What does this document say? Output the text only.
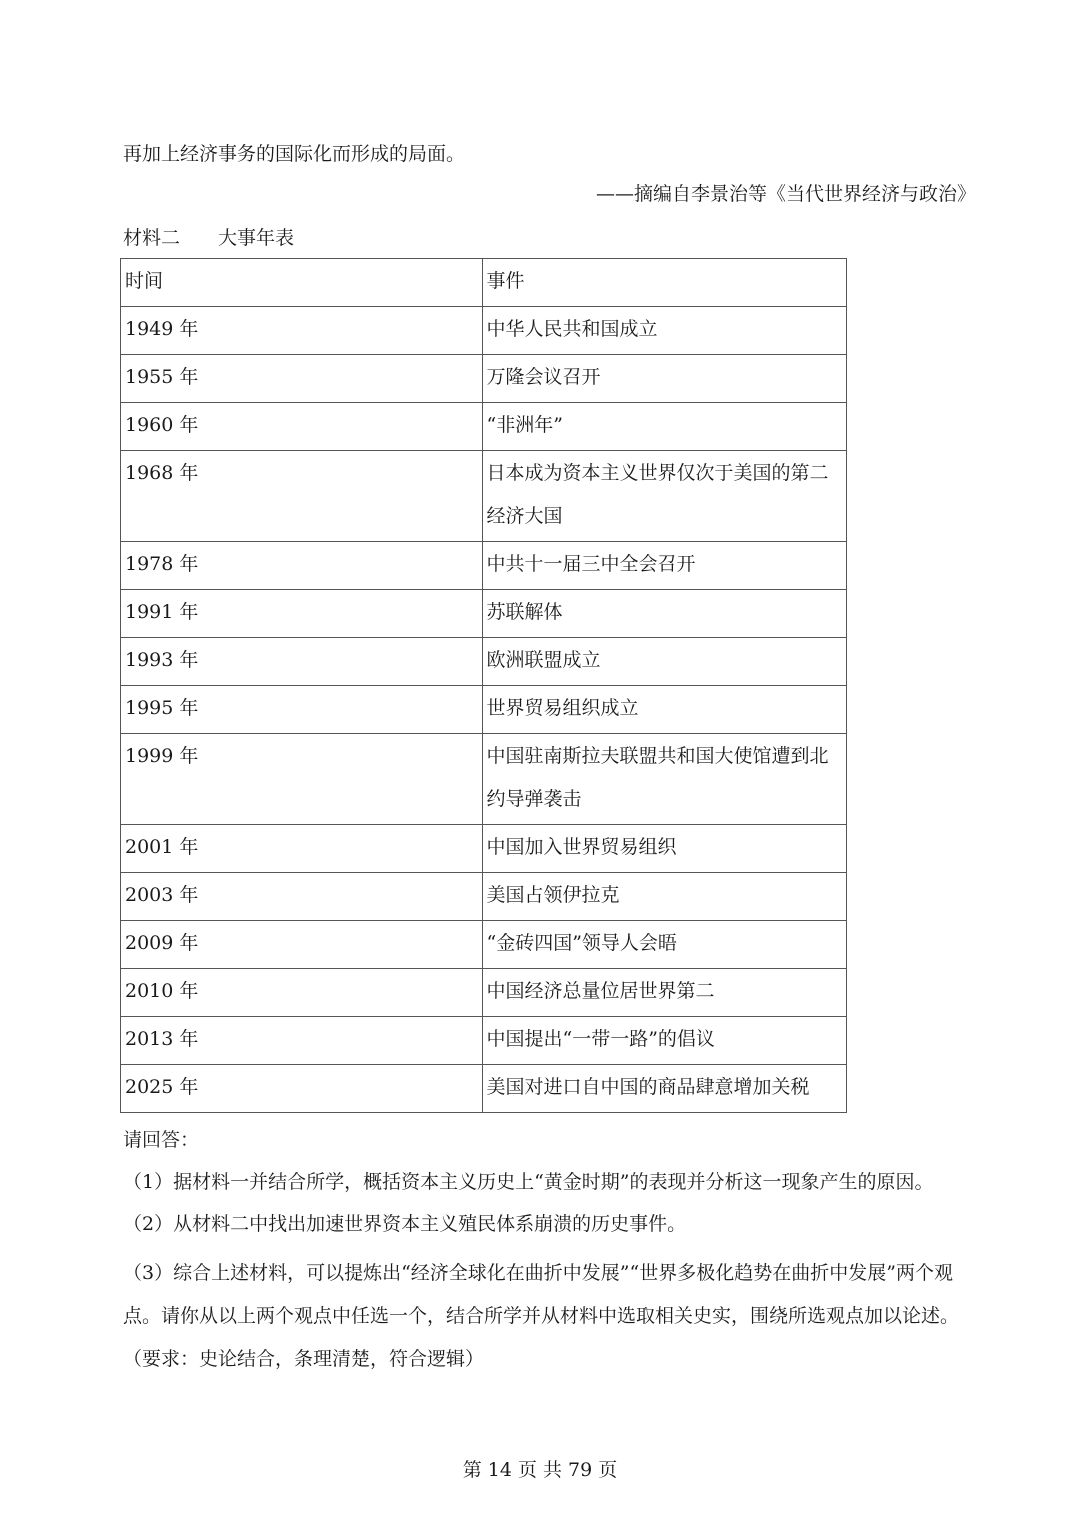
再加上经济事务的国际化而形成的局面。
——摘编自李景治等《当代世界经济与政治》
材料二 大事年表
时间	事件

1949 年	中华人民共和国成立

1955 年	万隆会议召开

1960 年	“非洲年”

1968 年	日本成为资本主义世界仅次于美国的第二经济大国

1978 年	中共十一届三中全会召开

1991 年	苏联解体

1993 年	欧洲联盟成立

1995 年	世界贸易组织成立

1999 年	中国驻南斯拉夫联盟共和国大使馆遭到北约导弹袭击

2001 年	中国加入世界贸易组织

2003 年	美国占领伊拉克

2009 年	“金砖四国”领导人会晤

2010 年	中国经济总量位居世界第二

2013 年	中国提出“一带一路”的倡议

2025 年	美国对进口自中国的商品肆意增加关税
请回答：
（1）据材料一并结合所学，概括资本主义历史上“黄金时期”的表现并分析这一现象产生的原因。
（2）从材料二中找出加速世界资本主义殖民体系崩溃的历史事件。
（3）综合上述材料，可以提炼出“经济全球化在曲折中发展”“世界多极化趋势在曲折中发展”两个观点。请你从以上两个观点中任选一个，结合所学并从材料中选取相关史实，围绕所选观点加以论述。（要求：史论结合，条理清楚，符合逻辑）
第 14 页 共 79 页
